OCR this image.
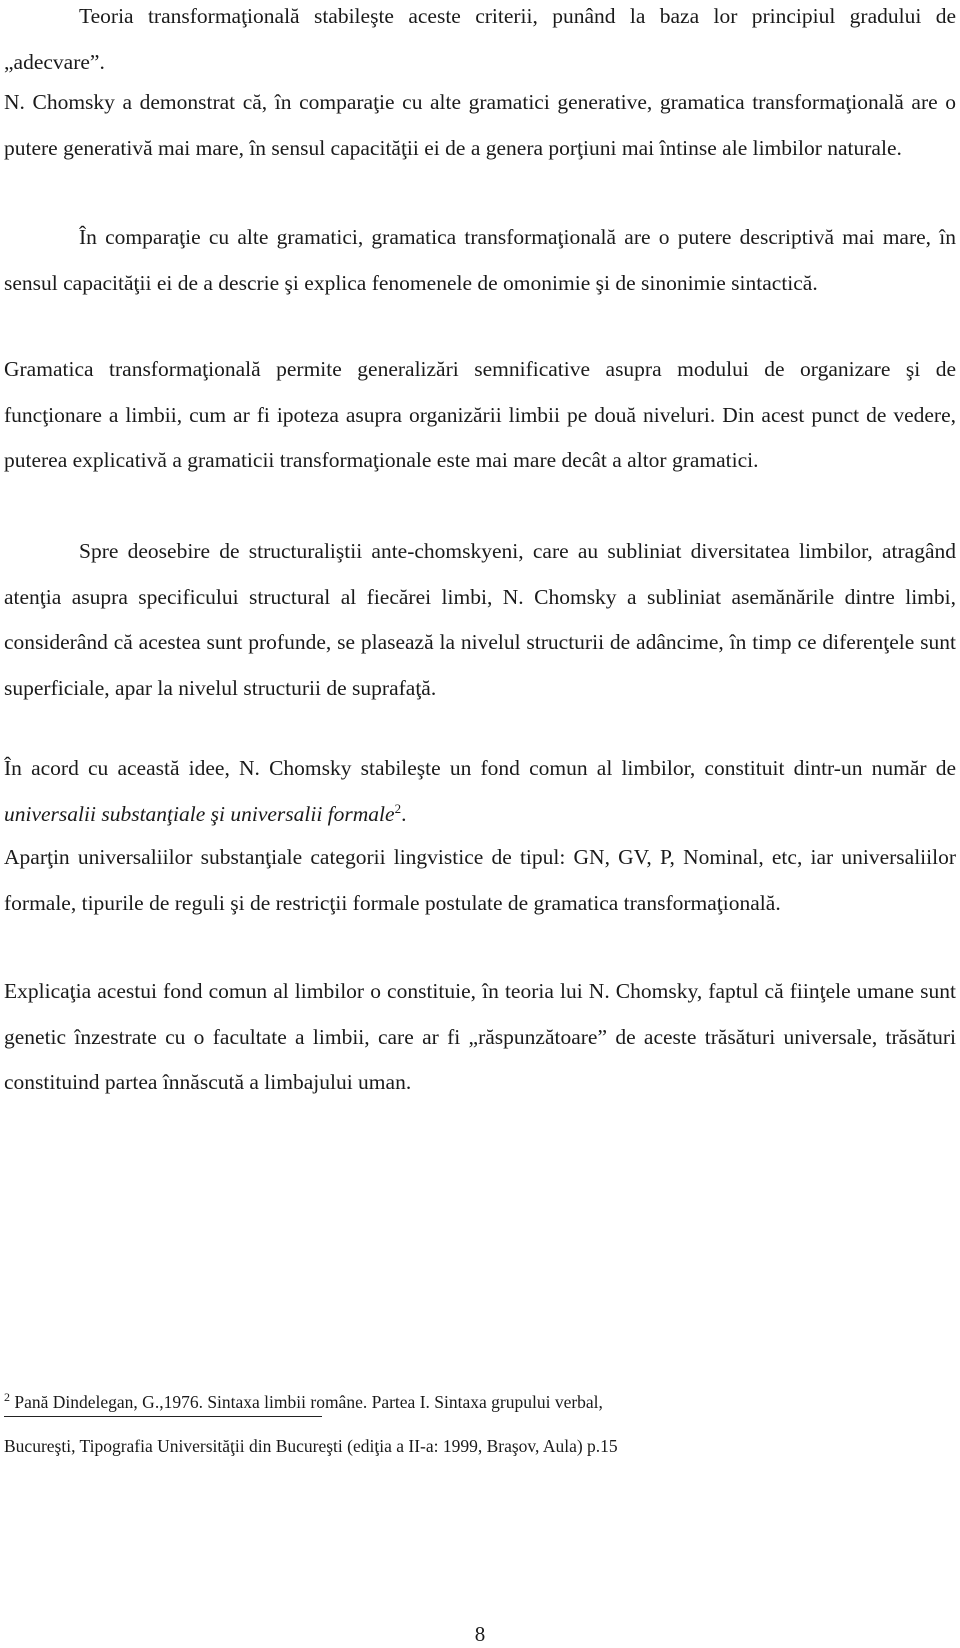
Teoria transformaţională stabileşte aceste criterii, punând la baza lor principiul gradului de „adecvare”.

N. Chomsky a demonstrat că, în comparaţie cu alte gramatici generative, gramatica transformaţională are o putere generativă mai mare, în sensul capacităţii ei de a genera porţiuni mai întinse ale limbilor naturale.

În comparaţie cu alte gramatici, gramatica transformaţională are o putere descriptivă mai mare, în sensul capacităţii ei de a descrie şi explica fenomenele de omonimie şi de sinonimie sintactică.

Gramatica transformaţională permite generalizări semnificative asupra modului de organizare şi de funcţionare a limbii, cum ar fi ipoteza asupra organizării limbii pe două niveluri. Din acest punct de vedere, puterea explicativă a gramaticii transformaţionale este mai mare decât a altor gramatici.

Spre deosebire de structuraliştii ante-chomskyeni, care au subliniat diversitatea limbilor, atragând atenţia asupra specificului structural al fiecărei limbi, N. Chomsky a subliniat asemănările dintre limbi, considerând că acestea sunt profunde, se plasează la nivelul structurii de adâncime, în timp ce diferenţele sunt superficiale, apar la nivelul structurii de suprafaţă.

În acord cu această idee, N. Chomsky stabileşte un fond comun al limbilor, constituit dintr-un număr de universalii substanţiale şi universalii formale$^2$.

Aparţin universaliilor substanţiale categorii lingvistice de tipul: GN, GV, P, Nominal, etc, iar universaliilor formale, tipurile de reguli şi de restricţii formale postulate de gramatica transformaţională.

Explicaţia acestui fond comun al limbilor o constituie, în teoria lui N. Chomsky, faptul că fiinţele umane sunt genetic înzestrate cu o facultate a limbii, care ar fi „răspunzătoare” de aceste trăsături universale, trăsături constituind partea înnăscută a limbajului uman.

$^2$ Pană Dindelegan, G.,1976. Sintaxa limbii române. Partea I. Sintaxa grupului verbal,
Bucureşti, Tipografia Universităţii din Bucureşti (ediţia a II-a: 1999, Braşov, Aula) p.15
8
